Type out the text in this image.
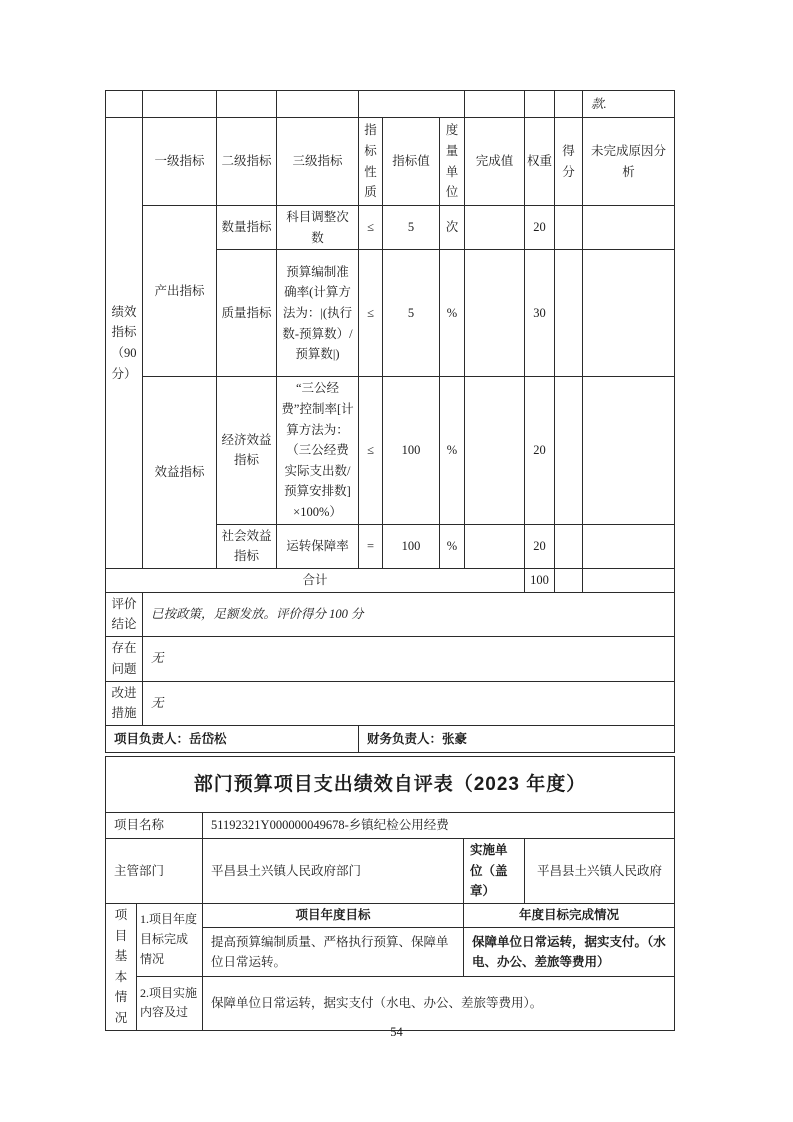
										款.
绩效指标（90分）	一级指标	二级指标	三级指标	指标性质	指标值	度量单位	完成值	权重	得分	未完成原因分析
	产出指标	数量指标	科目调整次数	≤	5	次		20		
		质量指标	预算编制准确率(计算方法为：|(执行数-预算数）/预算数|)	≤	5	%		30		
	效益指标	经济效益指标	“三公经费”控制率[计算方法为：（三公经费实际支出数/预算安排数]×100%）	≤	100	%		20		
		社会效益指标	运转保障率	=	100	%		20		
合计								100		
评价结论	已按政策，足额发放。评价得分 100 分									
存在问题	无									
改进措施	无									
项目负责人：岳岱松				财务负责人：张豪						
部门预算项目支出绩效自评表（2023 年度）				
项目名称		51192321Y000000049678-乡镇纪检公用经费		
主管部门		平昌县土兴镇人民政府部门	实施单位（盖章）	平昌县土兴镇人民政府
项目基本情况	1.项目年度目标完成情况	项目年度目标	年度目标完成情况	
		提高预算编制质量、严格执行预算、保障单位日常运转。	保障单位日常运转，据实支付。（水电、办公、差旅等费用）	
	2.项目实施内容及过	保障单位日常运转，据实支付（水电、办公、差旅等费用）。		
54
